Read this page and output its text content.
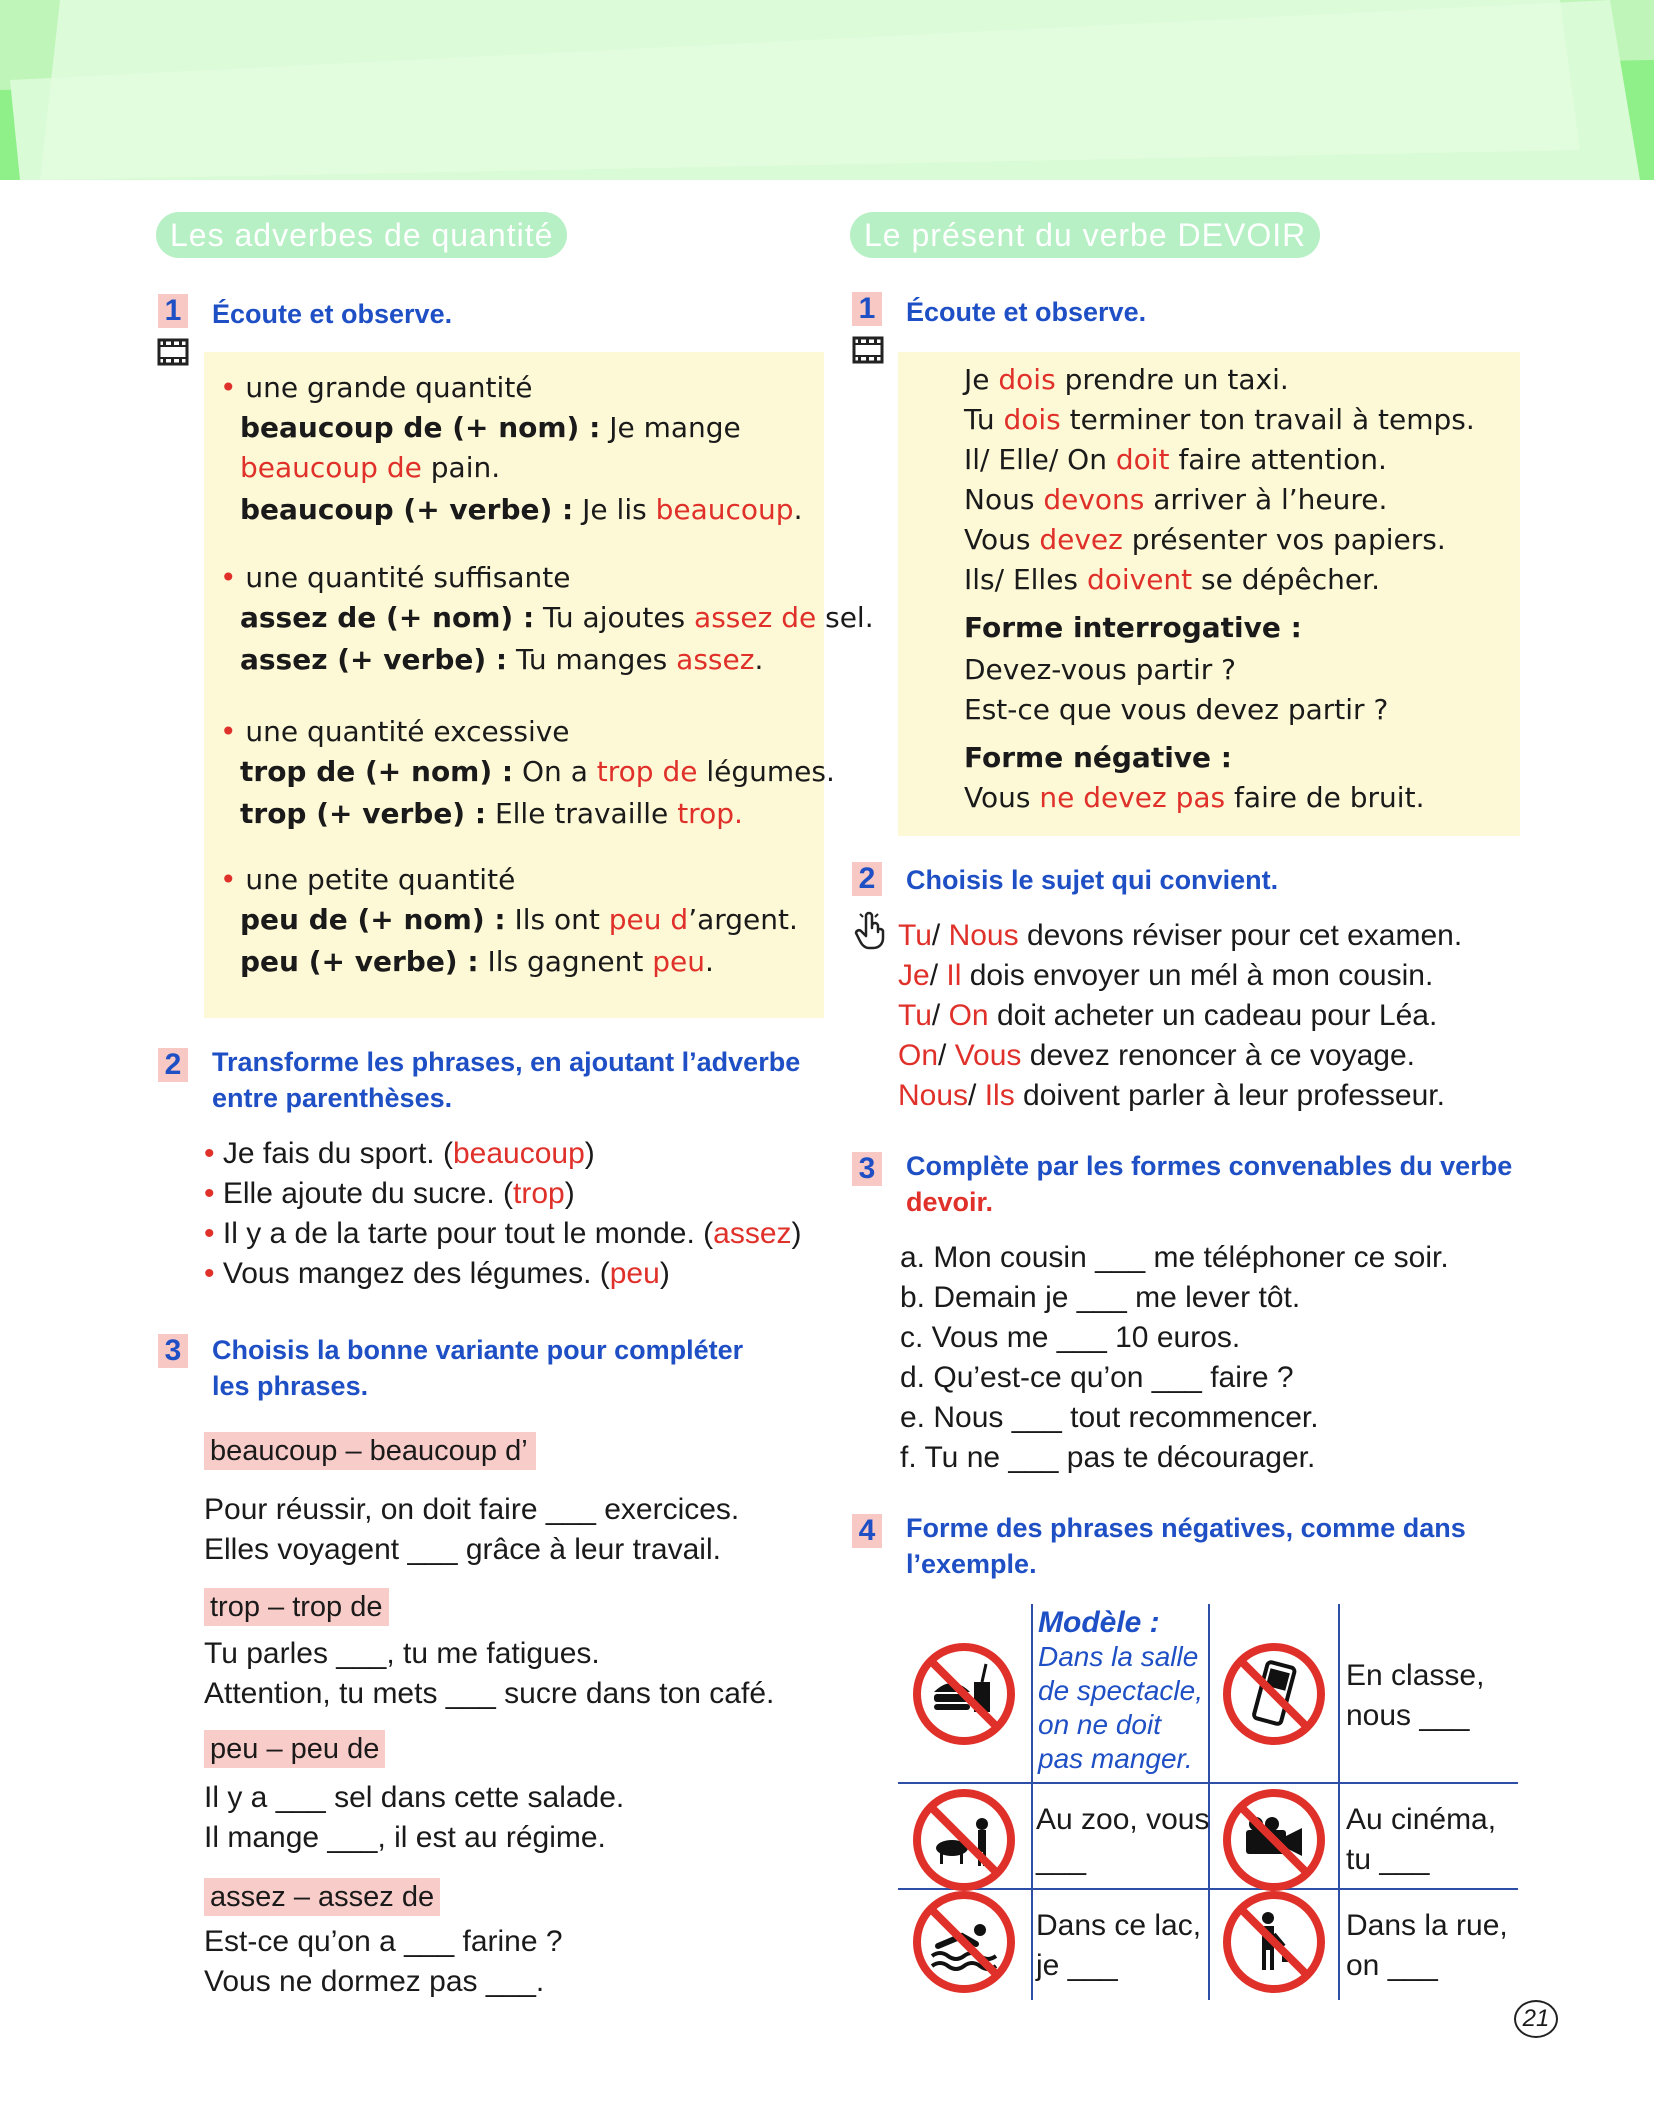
Les adverbes de quantité
1 Écoute et observe.
• une grande quantité
beaucoup de (+ nom) : Je mange
beaucoup de pain.
beaucoup (+ verbe) : Je lis beaucoup.
• une quantité suffisante
assez de (+ nom) : Tu ajoutes assez de sel.
assez (+ verbe) : Tu manges assez.
• une quantité excessive
trop de (+ nom) : On a trop de légumes.
trop (+ verbe) : Elle travaille trop.
• une petite quantité
peu de (+ nom) : Ils ont peu d’argent.
peu (+ verbe) : Ils gagnent peu.
2 Transforme les phrases, en ajoutant l’adverbe
entre parenthèses.
• Je fais du sport. (beaucoup)
• Elle ajoute du sucre. (trop)
• Il y a de la tarte pour tout le monde. (assez)
• Vous mangez des légumes. (peu)
3 Choisis la bonne variante pour compléter
les phrases.
beaucoup – beaucoup d’
Pour réussir, on doit faire ___ exercices.
Elles voyagent ___ grâce à leur travail.
trop – trop de
Tu parles ___, tu me fatigues.
Attention, tu mets ___ sucre dans ton café.
peu – peu de
Il y a ___ sel dans cette salade.
Il mange ___, il est au régime.
assez – assez de
Est-ce qu’on a ___ farine ?
Vous ne dormez pas ___.
Le présent du verbe DEVOIR
1 Écoute et observe.
Je dois prendre un taxi.
Tu dois terminer ton travail à temps.
Il/ Elle/ On doit faire attention.
Nous devons arriver à l’heure.
Vous devez présenter vos papiers.
Ils/ Elles doivent se dépêcher.
Forme interrogative :
Devez-vous partir ?
Est-ce que vous devez partir ?
Forme négative :
Vous ne devez pas faire de bruit.
2 Choisis le sujet qui convient.
Tu/ Nous devons réviser pour cet examen.
Je/ Il dois envoyer un mél à mon cousin.
Tu/ On doit acheter un cadeau pour Léa.
On/ Vous devez renoncer à ce voyage.
Nous/ Ils doivent parler à leur professeur.
3 Complète par les formes convenables du verbe
devoir.
a. Mon cousin ___ me téléphoner ce soir.
b. Demain je ___ me lever tôt.
c. Vous me ___ 10 euros.
d. Qu’est-ce qu’on ___ faire ?
e. Nous ___ tout recommencer.
f. Tu ne ___ pas te décourager.
4 Forme des phrases négatives, comme dans
l’exemple.
Modèle :
Dans la salle
de spectacle,
on ne doit
pas manger.
En classe,
nous ___
Au zoo, vous
___
Au cinéma,
tu ___
Dans ce lac,
je ___
Dans la rue,
on ___
21
